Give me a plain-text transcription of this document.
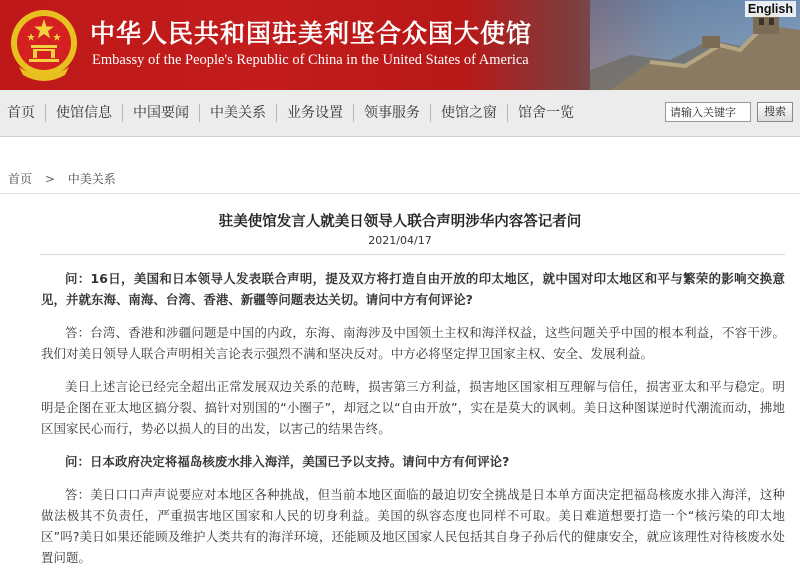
中华人民共和国驻美利坚合众国大使馆
Embassy of the People's Republic of China in the United States of America
English
首页	使馆信息	中国要闻	中美关系	业务设置	领事服务	使馆之窗	馆舍一览	请输入关键字	搜索
首页 > 中美关系
驻美使馆发言人就美日领导人联合声明涉华内容答记者问
2021/04/17

问：16日，美国和日本领导人发表联合声明，提及双方将打造自由开放的印太地区，就中国对印太地区和平与繁荣的影响交换意见，并就东海、南海、台湾、香港、新疆等问题表达关切。请问中方有何评论?

答：台湾、香港和涉疆问题是中国的内政，东海、南海涉及中国领土主权和海洋权益，这些问题关乎中国的根本利益，不容干涉。我们对美日领导人联合声明相关言论表示强烈不满和坚决反对。中方必将坚定捍卫国家主权、安全、发展利益。

美日上述言论已经完全超出正常发展双边关系的范畴，损害第三方利益，损害地区国家相互理解与信任，损害亚太和平与稳定。明明是企图在亚太地区搞分裂、搞针对别国的“小圈子”，却冠之以“自由开放”，实在是莫大的讽刺。美日这种图谋逆时代潮流而动，拂地区国家民心而行，势必以损人的目的出发，以害己的结果告终。

问：日本政府决定将福岛核废水排入海洋，美国已予以支持。请问中方有何评论?

答：美日口口声声说要应对本地区各种挑战，但当前本地区面临的最迫切安全挑战是日本单方面决定把福岛核废水排入海洋，这种做法极其不负责任，严重损害地区国家和人民的切身利益。美国的纵容态度也同样不可取。美日难道想要打造一个“核污染的印太地区”吗?美日如果还能顾及维护人类共有的海洋环境，还能顾及地区国家人民包括其自身子孙后代的健康安全，就应该理性对待核废水处置问题。
